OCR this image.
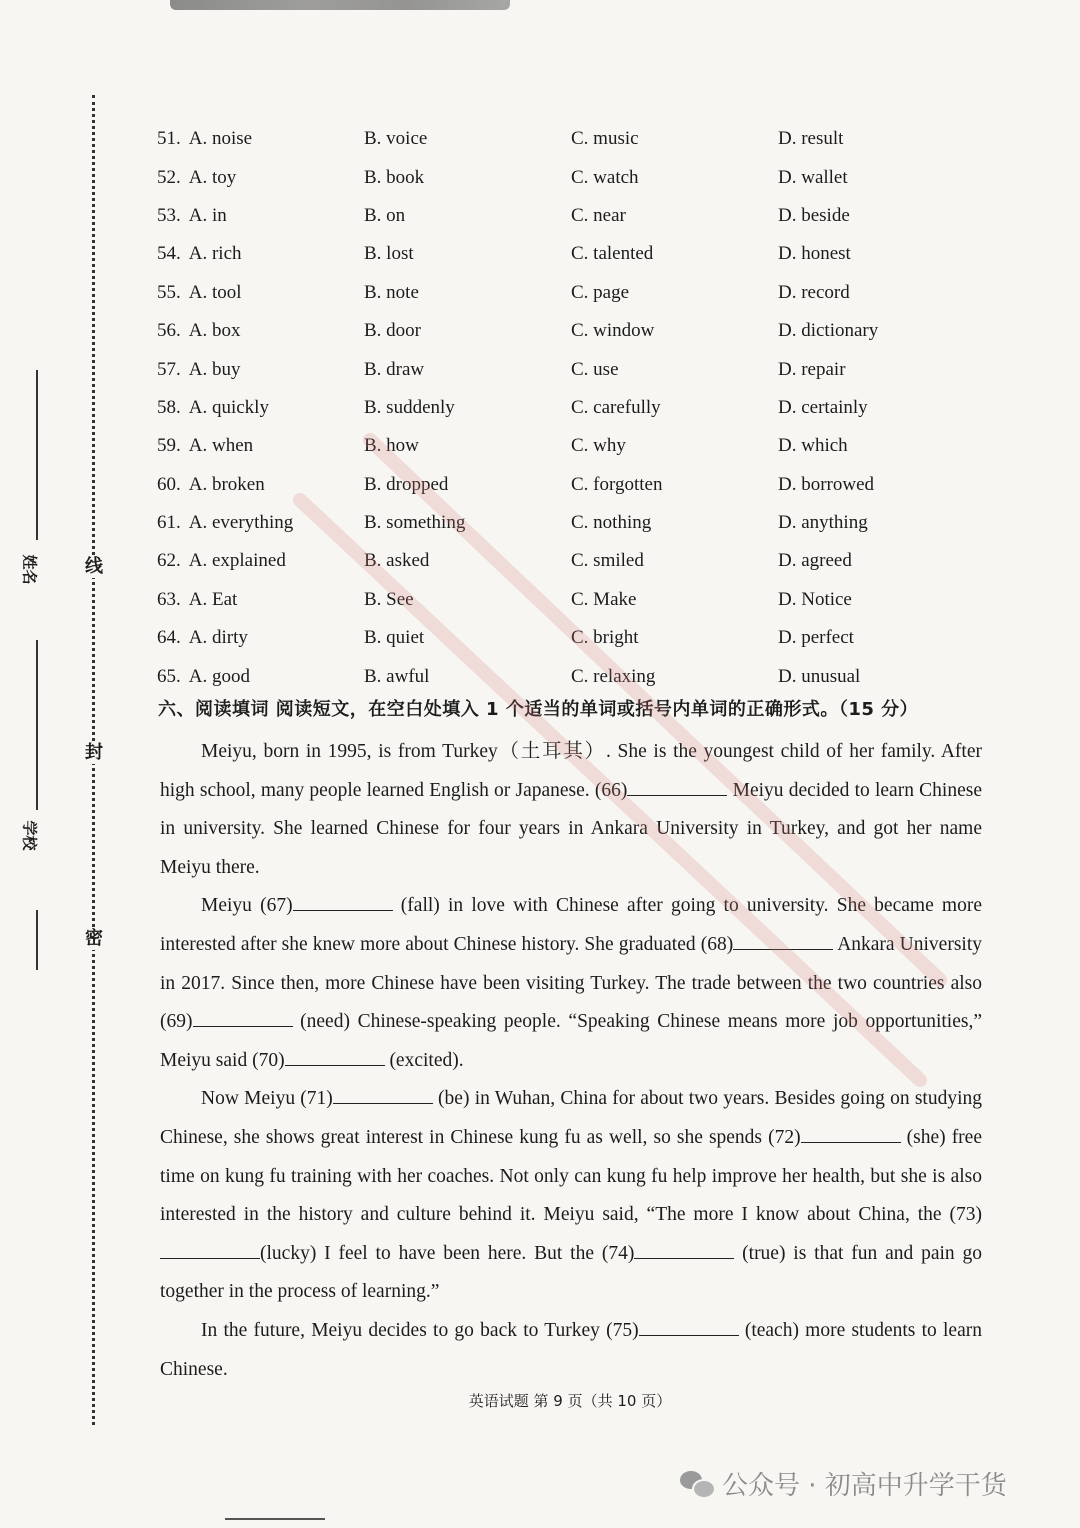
线
封
密
姓名
学校
51. A. noise	B. voice	C. music	D. result
52. A. toy	B. book	C. watch	D. wallet
53. A. in	B. on	C. near	D. beside
54. A. rich	B. lost	C. talented	D. honest
55. A. tool	B. note	C. page	D. record
56. A. box	B. door	C. window	D. dictionary
57. A. buy	B. draw	C. use	D. repair
58. A. quickly	B. suddenly	C. carefully	D. certainly
59. A. when	B. how	C. why	D. which
60. A. broken	B. dropped	C. forgotten	D. borrowed
61. A. everything	B. something	C. nothing	D. anything
62. A. explained	B. asked	C. smiled	D. agreed
63. A. Eat	B. See	C. Make	D. Notice
64. A. dirty	B. quiet	C. bright	D. perfect
65. A. good	B. awful	C. relaxing	D. unusual
六、阅读填词 阅读短文，在空白处填入 1 个适当的单词或括号内单词的正确形式。（15 分）

Meiyu, born in 1995, is from Turkey（土耳其）. She is the youngest child of her family. After high school, many people learned English or Japanese. (66)	Meiyu decided to learn Chinese in university. She learned Chinese for four years in Ankara University in Turkey, and got her name Meiyu there.

Meiyu (67)	(fall) in love with Chinese after going to university. She became more interested after she knew more about Chinese history. She graduated (68)	Ankara University in 2017. Since then, more Chinese have been visiting Turkey. The trade between the two countries also (69)	(need) Chinese-speaking people. “Speaking Chinese means more job opportunities,” Meiyu said (70)	(excited).

Now Meiyu (71)	(be) in Wuhan, China for about two years. Besides going on studying Chinese, she shows great interest in Chinese kung fu as well, so she spends (72)	(she) free time on kung fu training with her coaches. Not only can kung fu help improve her health, but she is also interested in the history and culture behind it. Meiyu said, “The more I know about China, the (73)(lucky) I feel to have been here. But the (74)	(true) is that fun and pain go together in the process of learning.”

In the future, Meiyu decides to go back to Turkey (75)	(teach) more students to learn Chinese.

英语试题 第 9 页（共 10 页）
公众号 · 初高中升学干货
